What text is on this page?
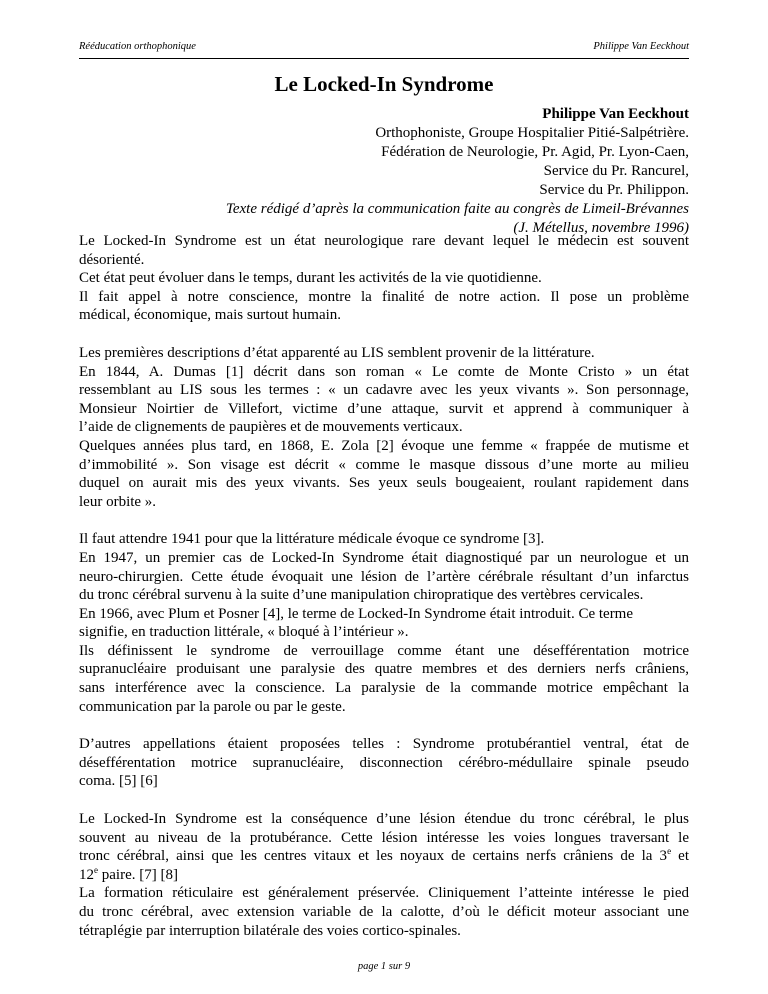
Rééducation orthophonique	Philippe Van Eeckhout
Le Locked-In Syndrome
Philippe Van Eeckhout
Orthophoniste, Groupe Hospitalier Pitié-Salpétrière.
Fédération de Neurologie, Pr. Agid, Pr. Lyon-Caen,
Service du Pr. Rancurel,
Service du Pr. Philippon.
Texte rédigé d’après la communication faite au congrès de Limeil-Brévannes
(J. Métellus, novembre 1996)
Le Locked-In Syndrome est un état neurologique rare devant lequel le médecin est souvent
désorienté.
Cet état peut évoluer dans le temps, durant les activités de la vie quotidienne.
Il fait appel à notre conscience, montre la finalité de notre action. Il pose un problème
médical, économique, mais surtout humain.
Les premières descriptions d’état apparenté au LIS semblent provenir de la littérature.
En 1844, A. Dumas [1] décrit dans son roman « Le comte de Monte Cristo » un état
ressemblant au LIS sous les termes : « un cadavre avec les yeux vivants ». Son personnage,
Monsieur Noirtier de Villefort, victime d’une attaque, survit et apprend à communiquer à
l’aide de clignements de paupières et de mouvements verticaux.
Quelques années plus tard, en 1868, E. Zola [2] évoque une femme « frappée de mutisme et
d’immobilité ». Son visage est décrit « comme le masque dissous d’une morte au milieu
duquel on aurait mis des yeux vivants. Ses yeux seuls bougeaient, roulant rapidement dans
leur orbite ».
Il faut attendre 1941 pour que la littérature médicale évoque ce syndrome [3].
En 1947, un premier cas de Locked-In Syndrome était diagnostiqué par un neurologue et un
neuro-chirurgien. Cette étude évoquait une lésion de l’artère cérébrale résultant d’un infarctus
du tronc cérébral survenu à la suite d’une manipulation chiropratique des vertèbres cervicales.
En 1966, avec Plum et Posner [4], le terme de Locked-In Syndrome était introduit. Ce terme
signifie, en traduction littérale, « bloqué à l’intérieur ».
Ils définissent le syndrome de verrouillage comme étant une désefférentation motrice
supranucléaire produisant une paralysie des quatre membres et des derniers nerfs crâniens,
sans interférence avec la conscience. La paralysie de la commande motrice empêchant la
communication par la parole ou par le geste.
D’autres appellations étaient proposées telles : Syndrome protubérantiel ventral, état de
désefférentation motrice supranucléaire, disconnection cérébro-médullaire spinale pseudo
coma. [5] [6]
Le Locked-In Syndrome est la conséquence d’une lésion étendue du tronc cérébral, le plus
souvent au niveau de la protubérance. Cette lésion intéresse les voies longues traversant le
tronc cérébral, ainsi que les centres vitaux et les noyaux de certains nerfs crâniens de la 3e et
12e paire. [7] [8]
La formation réticulaire est généralement préservée. Cliniquement l’atteinte intéresse le pied
du tronc cérébral, avec extension variable de la calotte, d’où le déficit moteur associant une
tétraplégie par interruption bilatérale des voies cortico-spinales.
page 1 sur 9
